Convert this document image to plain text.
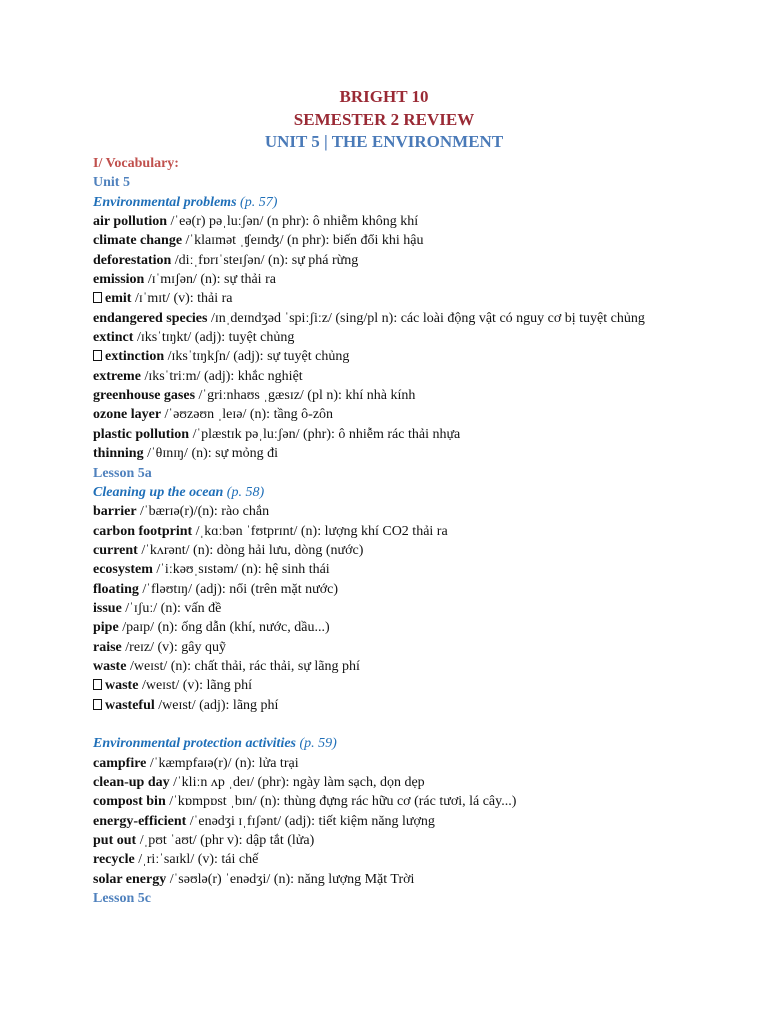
BRIGHT 10
SEMESTER 2 REVIEW
UNIT 5 | THE ENVIRONMENT
I/ Vocabulary:
Unit 5
Environmental problems (p. 57)
air pollution /ˈeə(r) pəˌluːʃən/ (n phr): ô nhiễm không khí
climate change /ˈklaɪmət ˌʧeɪnʤ/ (n phr): biến đổi khi hậu
deforestation /diːˌfɒrɪˈsteɪʃən/ (n): sự phá rừng
emission /ɪˈmɪʃən/ (n): sự thải ra
emit /ɪˈmɪt/ (v): thải ra
endangered species /ɪnˌdeɪndʒəd ˈspiːʃiːz/ (sing/pl n): các loài động vật có nguy cơ bị tuyệt chủng
extinct /ɪksˈtɪŋkt/ (adj): tuyệt chủng
extinction /ɪksˈtɪŋkʃn/ (adj): sự tuyệt chủng
extreme /ɪksˈtriːm/ (adj): khắc nghiệt
greenhouse gases /ˈgriːnhaʊs ˌgæsɪz/ (pl n): khí nhà kính
ozone layer /ˈəʊzəʊn ˌleɪə/ (n): tầng ô-zôn
plastic pollution /ˈplæstɪk pəˌluːʃən/ (phr): ô nhiễm rác thải nhựa
thinning /ˈθɪnɪŋ/ (n): sự mỏng đi
Lesson 5a
Cleaning up the ocean (p. 58)
barrier /ˈbærɪə(r)/(n): rào chắn
carbon footprint /ˌkɑːbən ˈfʊtprɪnt/ (n): lượng khí CO2 thải ra
current /ˈkʌrənt/ (n): dòng hải lưu, dòng (nước)
ecosystem /ˈiːkəʊˌsɪstəm/ (n): hệ sinh thái
floating /ˈfləʊtɪŋ/ (adj): nổi (trên mặt nước)
issue /ˈɪʃuː/ (n): vấn đề
pipe /paɪp/ (n): ống dẫn (khí, nước, dầu...)
raise /reɪz/ (v): gây quỹ
waste /weɪst/ (n): chất thải, rác thải, sự lãng phí
waste /weɪst/ (v): lãng phí
wasteful /weɪst/ (adj): lãng phí
Environmental protection activities (p. 59)
campfire /ˈkæmpfaɪə(r)/ (n): lửa trại
clean-up day /ˈkliːn ʌp ˌdeɪ/ (phr): ngày làm sạch, dọn dẹp
compost bin /ˈkɒmpɒst ˌbɪn/ (n): thùng đựng rác hữu cơ (rác tươi, lá cây...)
energy-efficient /ˈenədʒi ɪˌfɪʃənt/ (adj): tiết kiệm năng lượng
put out /ˌpʊt ˈaʊt/ (phr v): dập tắt (lửa)
recycle /ˌriːˈsaɪkl/ (v): tái chế
solar energy /ˈsəʊlə(r) ˈenədʒi/ (n): năng lượng Mặt Trời
Lesson 5c
